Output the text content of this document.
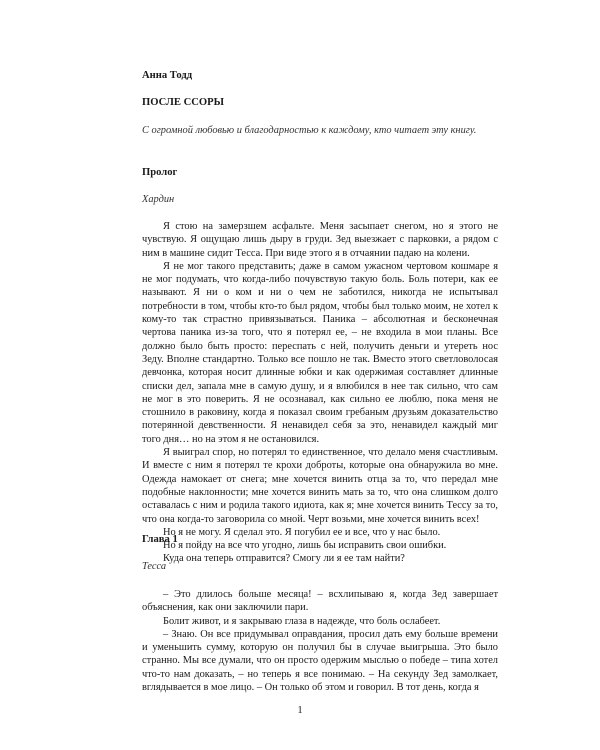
Анна Тодд
ПОСЛЕ ССОРЫ
С огромной любовью и благодарностью к каждому, кто читает эту книгу.
Пролог
Хардин

Я стою на замерзшем асфальте. Меня засыпает снегом, но я этого не чувствую. Я ощущаю лишь дыру в груди. Зед выезжает с парковки, а рядом с ним в машине сидит Тесса. При виде этого я в отчаянии падаю на колени.

Я не мог такого представить; даже в самом ужасном чертовом кошмаре я не мог подумать, что когда-либо почувствую такую боль. Боль потери, как ее называют. Я ни о ком и ни о чем не заботился, никогда не испытывал потребности в том, чтобы кто-то был рядом, чтобы был только моим, не хотел к кому-то так страстно привязываться. Паника – абсолютная и бесконечная чертова паника из-за того, что я потерял ее, – не входила в мои планы. Все должно было быть просто: переспать с ней, получить деньги и утереть нос Зеду. Вполне стандартно. Только все пошло не так. Вместо этого светловолосая девчонка, которая носит длинные юбки и как одержимая составляет длинные списки дел, запала мне в самую душу, и я влюбился в нее так сильно, что сам не мог в это поверить. Я не осознавал, как сильно ее люблю, пока меня не стошнило в раковину, когда я показал своим гребаным друзьям доказательство потерянной девственности. Я ненавидел себя за это, ненавидел каждый миг того дня… но на этом я не остановился.

Я выиграл спор, но потерял то единственное, что делало меня счастливым. И вместе с ним я потерял те крохи доброты, которые она обнаружила во мне. Одежда намокает от снега; мне хочется винить отца за то, что передал мне подобные наклонности; мне хочется винить мать за то, что она слишком долго оставалась с ним и родила такого идиота, как я; мне хочется винить Тессу за то, что она когда-то заговорила со мной. Черт возьми, мне хочется винить всех!

Но я не могу. Я сделал это. Я погубил ее и все, что у нас было.

Но я пойду на все что угодно, лишь бы исправить свои ошибки.

Куда она теперь отправится? Смогу ли я ее там найти?

Глава 1
Тесса

– Это длилось больше месяца! – всхлипываю я, когда Зед завершает объяснения, как они заключили пари.

Болит живот, и я закрываю глаза в надежде, что боль ослабеет.

– Знаю. Он все придумывал оправдания, просил дать ему больше времени и уменьшить сумму, которую он получил бы в случае выигрыша. Это было странно. Мы все думали, что он просто одержим мыслью о победе – типа хотел что-то нам доказать, – но теперь я все понимаю. – На секунду Зед замолкает, вглядывается в мое лицо. – Он только об этом и говорил. В тот день, когда я

1
